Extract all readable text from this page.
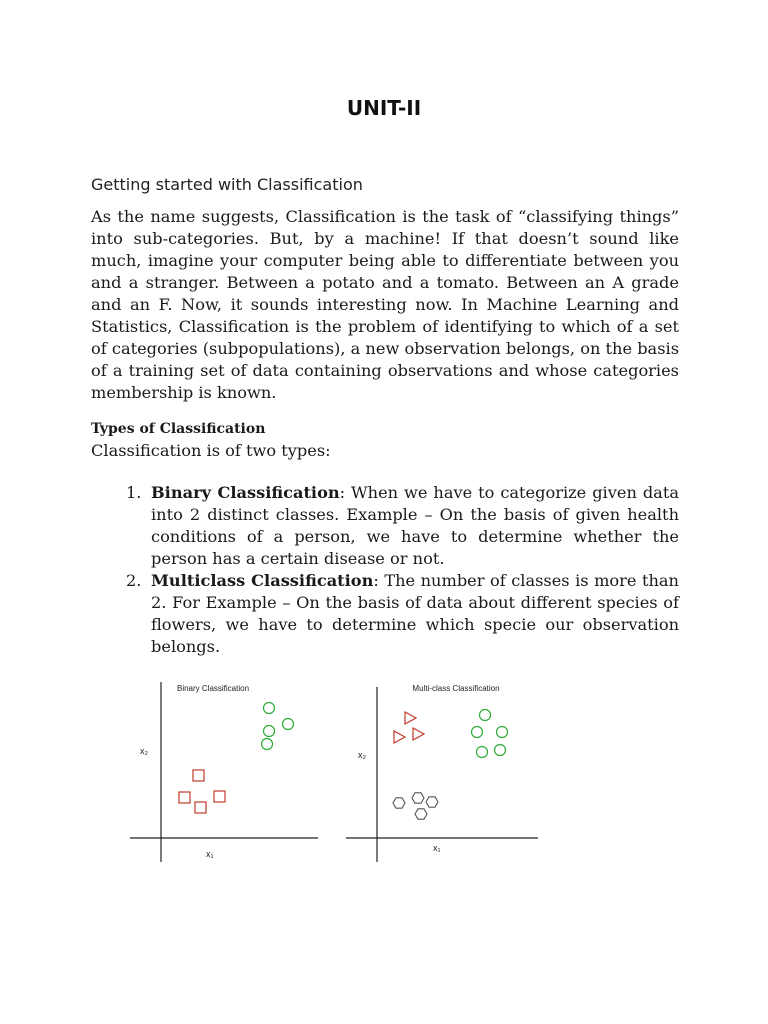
UNIT-II
Getting started with Classification

As the name suggests, Classification is the task of “classifying things” into sub-categories. But, by a machine! If that doesn’t sound like much, imagine your computer being able to differentiate between you and a stranger. Between a potato and a tomato. Between an A grade and an F. Now, it sounds interesting now. In Machine Learning and Statistics, Classification is the problem of identifying to which of a set of categories (subpopulations), a new observation belongs, on the basis of a training set of data containing observations and whose categories membership is known.

Types of Classification
Classification is of two types:
1. Binary Classification: When we have to categorize given data into 2 distinct classes. Example – On the basis of given health conditions of a person, we have to determine whether the person has a certain disease or not.
2. Multiclass Classification: The number of classes is more than 2. For Example – On the basis of data about different species of flowers, we have to determine which specie our observation belongs.
Binary Classification
x₂
x₁
Multi-class Classification
x₂
x₁
